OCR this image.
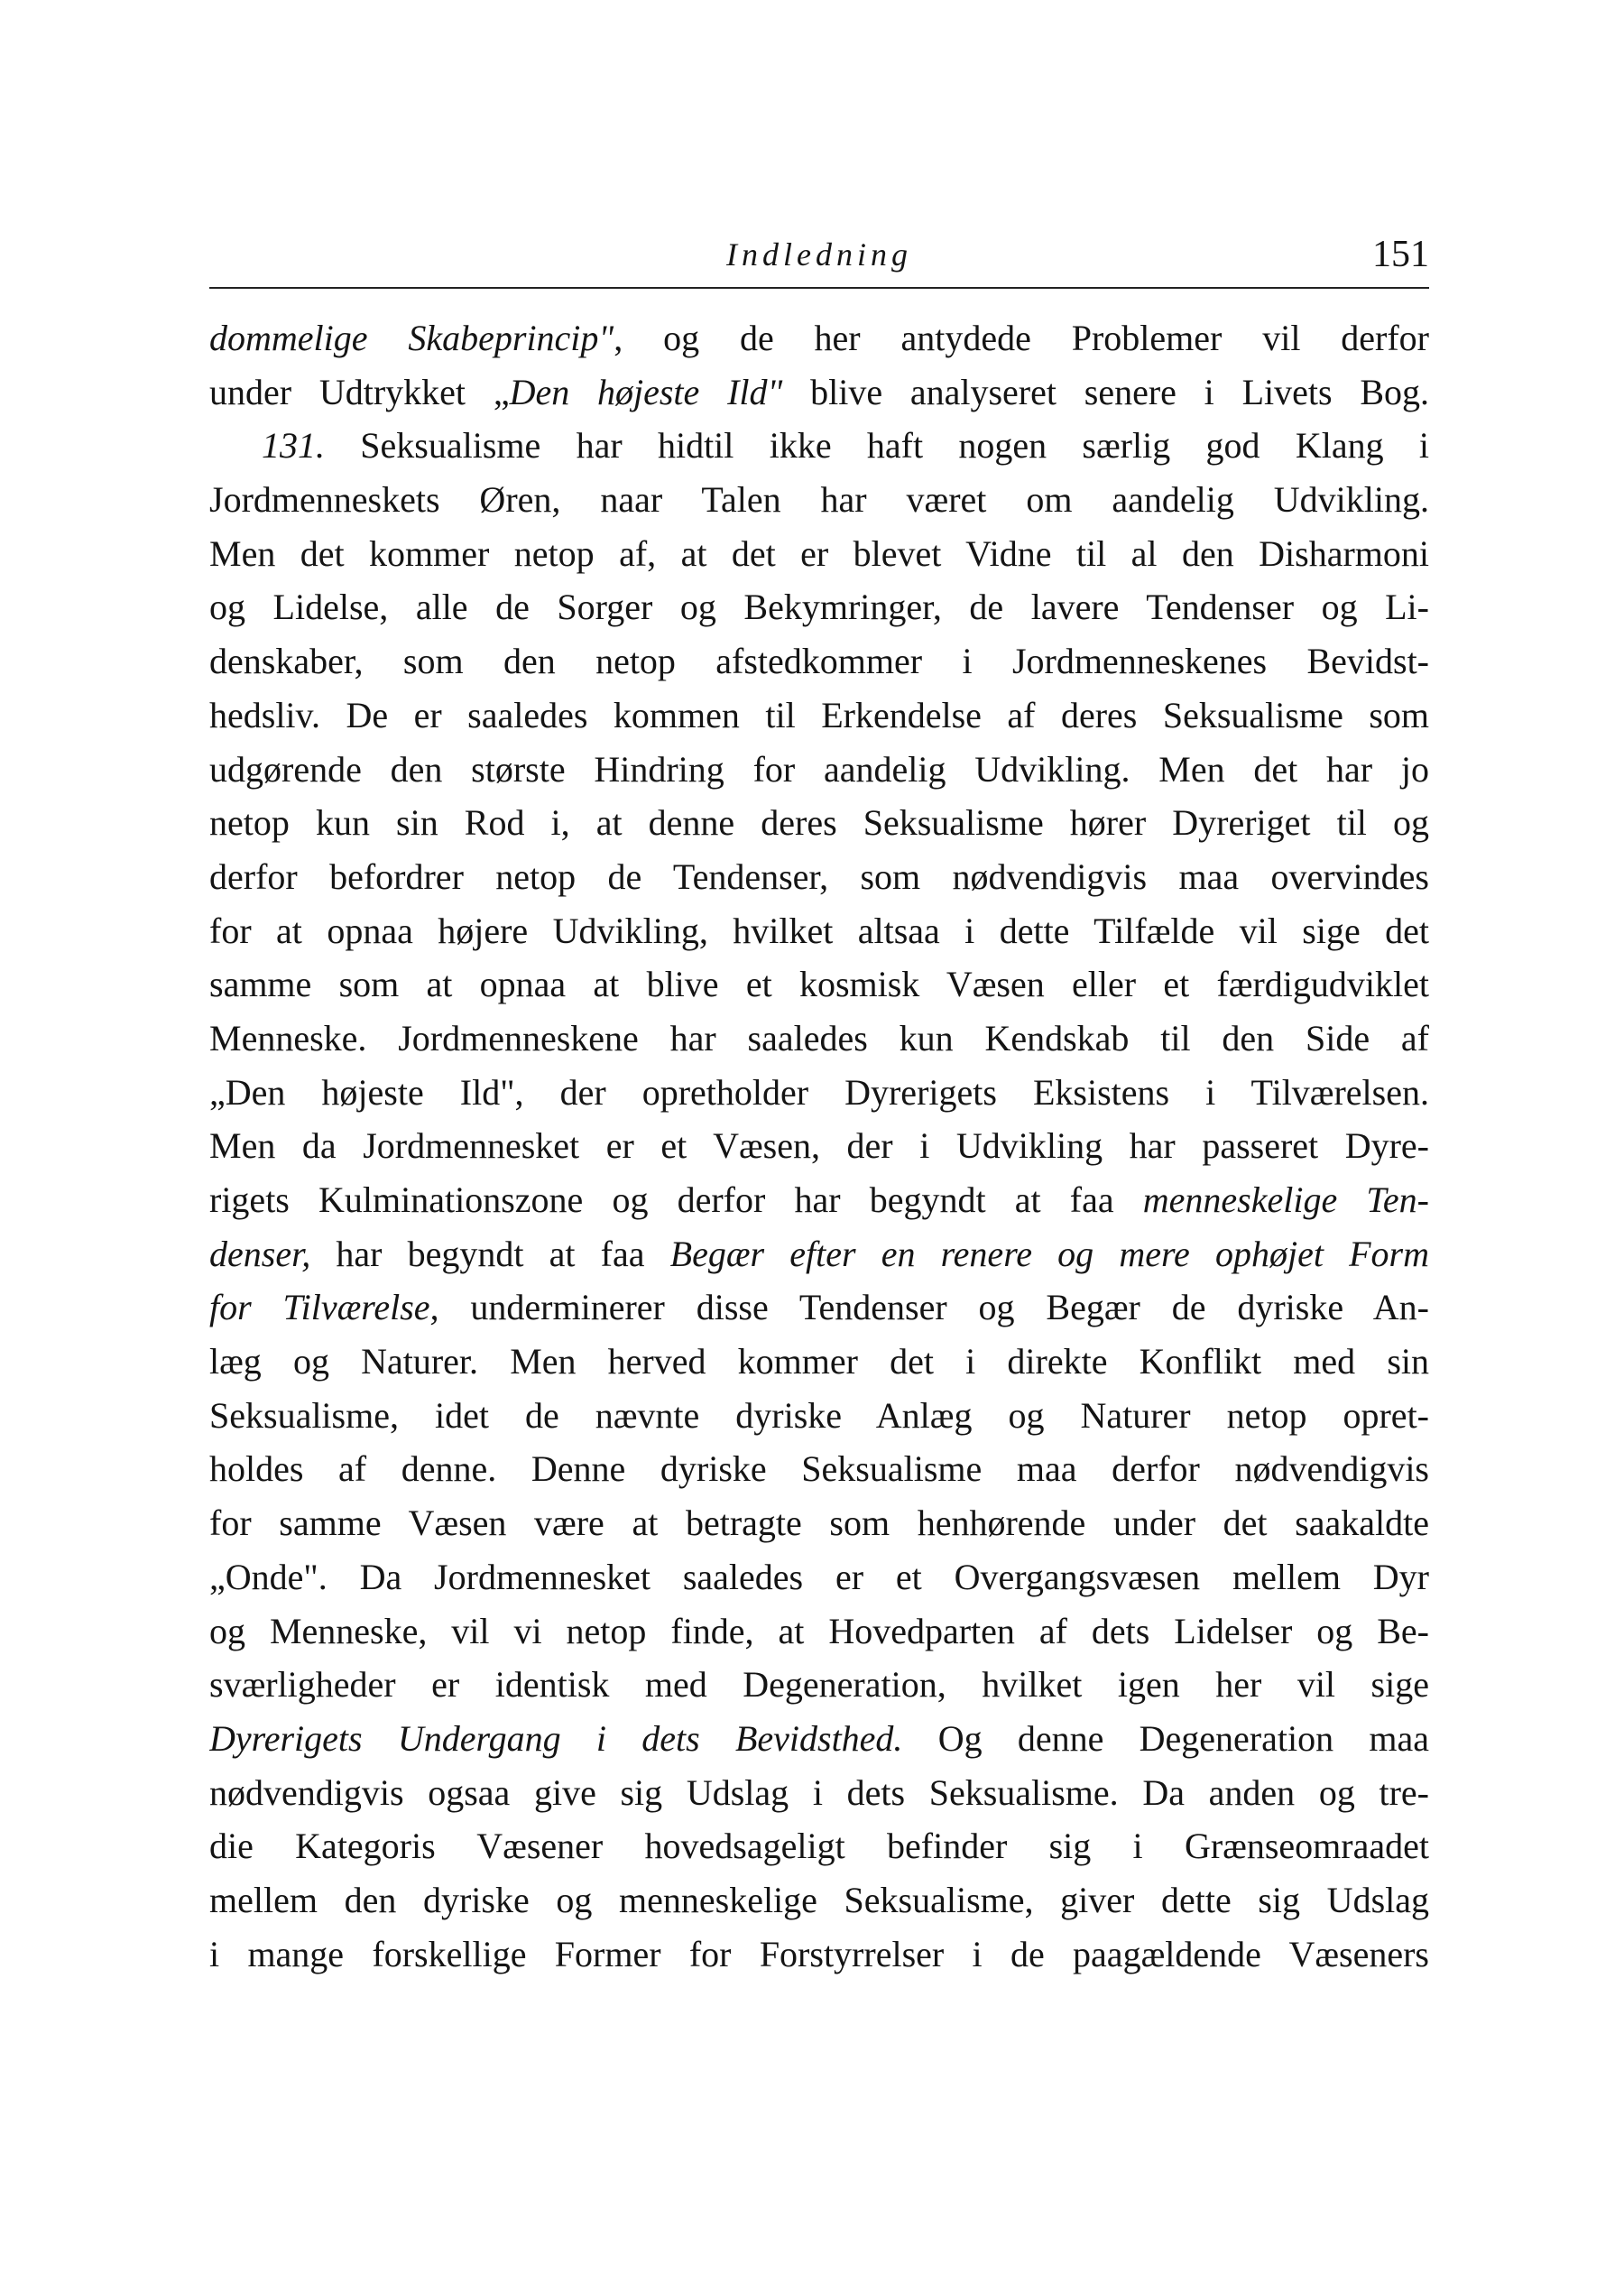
Indledning	151
dommelige Skabeprincip", og de her antydede Problemer vil derfor
under Udtrykket „Den højeste Ild" blive analyseret senere i Livets Bog.
131. Seksualisme har hidtil ikke haft nogen særlig god Klang i
Jordmenneskets Øren, naar Talen har været om aandelig Udvikling.
Men det kommer netop af, at det er blevet Vidne til al den Disharmoni
og Lidelse, alle de Sorger og Bekymringer, de lavere Tendenser og Li-
denskaber, som den netop afstedkommer i Jordmenneskenes Bevidst-
hedsliv. De er saaledes kommen til Erkendelse af deres Seksualisme som
udgørende den største Hindring for aandelig Udvikling. Men det har jo
netop kun sin Rod i, at denne deres Seksualisme hører Dyreriget til og
derfor befordrer netop de Tendenser, som nødvendigvis maa overvindes
for at opnaa højere Udvikling, hvilket altsaa i dette Tilfælde vil sige det
samme som at opnaa at blive et kosmisk Væsen eller et færdigudviklet
Menneske. Jordmenneskene har saaledes kun Kendskab til den Side af
„Den højeste Ild", der opretholder Dyrerigets Eksistens i Tilværelsen.
Men da Jordmennesket er et Væsen, der i Udvikling har passeret Dyre-
rigets Kulminationszone og derfor har begyndt at faa menneskelige Ten-
denser, har begyndt at faa Begær efter en renere og mere ophøjet Form
for Tilværelse, underminerer disse Tendenser og Begær de dyriske An-
læg og Naturer. Men herved kommer det i direkte Konflikt med sin
Seksualisme, idet de nævnte dyriske Anlæg og Naturer netop opret-
holdes af denne. Denne dyriske Seksualisme maa derfor nødvendigvis
for samme Væsen være at betragte som henhørende under det saakaldte
„Onde". Da Jordmennesket saaledes er et Overgangsvæsen mellem Dyr
og Menneske, vil vi netop finde, at Hovedparten af dets Lidelser og Be-
sværligheder er identisk med Degeneration, hvilket igen her vil sige
Dyrerigets Undergang i dets Bevidsthed. Og denne Degeneration maa
nødvendigvis ogsaa give sig Udslag i dets Seksualisme. Da anden og tre-
die Kategoris Væsener hovedsageligt befinder sig i Grænseomraadet
mellem den dyriske og menneskelige Seksualisme, giver dette sig Udslag
i mange forskellige Former for Forstyrrelser i de paagældende Væseners
